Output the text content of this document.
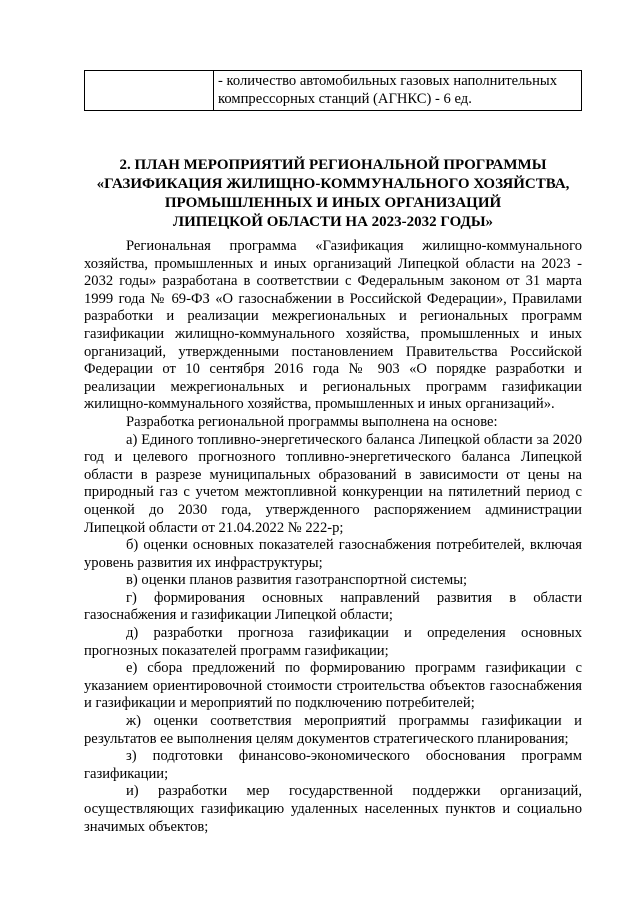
	- количество автомобильных газовых наполнительных компрессорных станций (АГНКС) - 6 ед.
2. ПЛАН МЕРОПРИЯТИЙ РЕГИОНАЛЬНОЙ ПРОГРАММЫ
«ГАЗИФИКАЦИЯ ЖИЛИЩНО-КОММУНАЛЬНОГО ХОЗЯЙСТВА,
ПРОМЫШЛЕННЫХ И ИНЫХ ОРГАНИЗАЦИЙ
ЛИПЕЦКОЙ ОБЛАСТИ НА 2023-2032 ГОДЫ»

Региональная программа «Газификация жилищно-коммунального хозяйства, промышленных и иных организаций Липецкой области на 2023 - 2032 годы» разработана в соответствии с Федеральным законом от 31 марта 1999 года № 69-ФЗ «О газоснабжении в Российской Федерации», Правилами разработки и реализации межрегиональных и региональных программ газификации жилищно-коммунального хозяйства, промышленных и иных организаций, утвержденными постановлением Правительства Российской Федерации от 10 сентября 2016 года № 903 «О порядке разработки и реализации межрегиональных и региональных программ газификации жилищно-коммунального хозяйства, промышленных и иных организаций».

Разработка региональной программы выполнена на основе:

а) Единого топливно-энергетического баланса Липецкой области за 2020 год и целевого прогнозного топливно-энергетического баланса Липецкой области в разрезе муниципальных образований в зависимости от цены на природный газ с учетом межтопливной конкуренции на пятилетний период с оценкой до 2030 года, утвержденного распоряжением администрации Липецкой области от 21.04.2022 № 222-р;

б) оценки основных показателей газоснабжения потребителей, включая уровень развития их инфраструктуры;

в) оценки планов развития газотранспортной системы;

г) формирования основных направлений развития в области газоснабжения и газификации Липецкой области;

д) разработки прогноза газификации и определения основных прогнозных показателей программ газификации;

е) сбора предложений по формированию программ газификации с указанием ориентировочной стоимости строительства объектов газоснабжения и газификации и мероприятий по подключению потребителей;

ж) оценки соответствия мероприятий программы газификации и результатов ее выполнения целям документов стратегического планирования;

з) подготовки финансово-экономического обоснования программ газификации;

и) разработки мер государственной поддержки организаций, осуществляющих газификацию удаленных населенных пунктов и социально значимых объектов;
